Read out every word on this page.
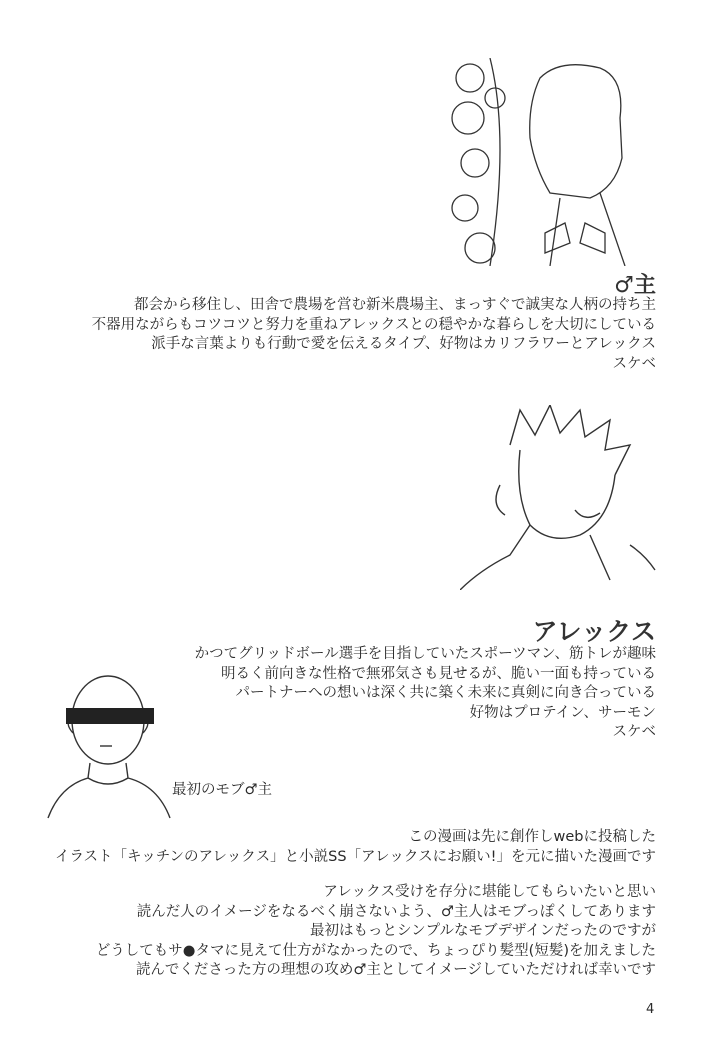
♂主
都会から移住し、田舎で農場を営む新米農場主、まっすぐで誠実な人柄の持ち主
不器用ながらもコツコツと努力を重ねアレックスとの穏やかな暮らしを大切にしている
派手な言葉よりも行動で愛を伝えるタイプ、好物はカリフラワーとアレックス
スケベ
アレックス
かつてグリッドボール選手を目指していたスポーツマン、筋トレが趣味
明るく前向きな性格で無邪気さも見せるが、脆い一面も持っている
パートナーへの想いは深く共に築く未来に真剣に向き合っている
好物はプロテイン、サーモン
スケベ
最初のモブ♂主
この漫画は先に創作しwebに投稿した
イラスト「キッチンのアレックス」と小説SS「アレックスにお願い!」を元に描いた漫画です
アレックス受けを存分に堪能してもらいたいと思い
読んだ人のイメージをなるべく崩さないよう、♂主人はモブっぽくしてあります
最初はもっとシンプルなモブデザインだったのですが
どうしてもサ●タマに見えて仕方がなかったので、ちょっぴり髪型(短髪)を加えました
読んでくださった方の理想の攻め♂主としてイメージしていただければ幸いです
4
